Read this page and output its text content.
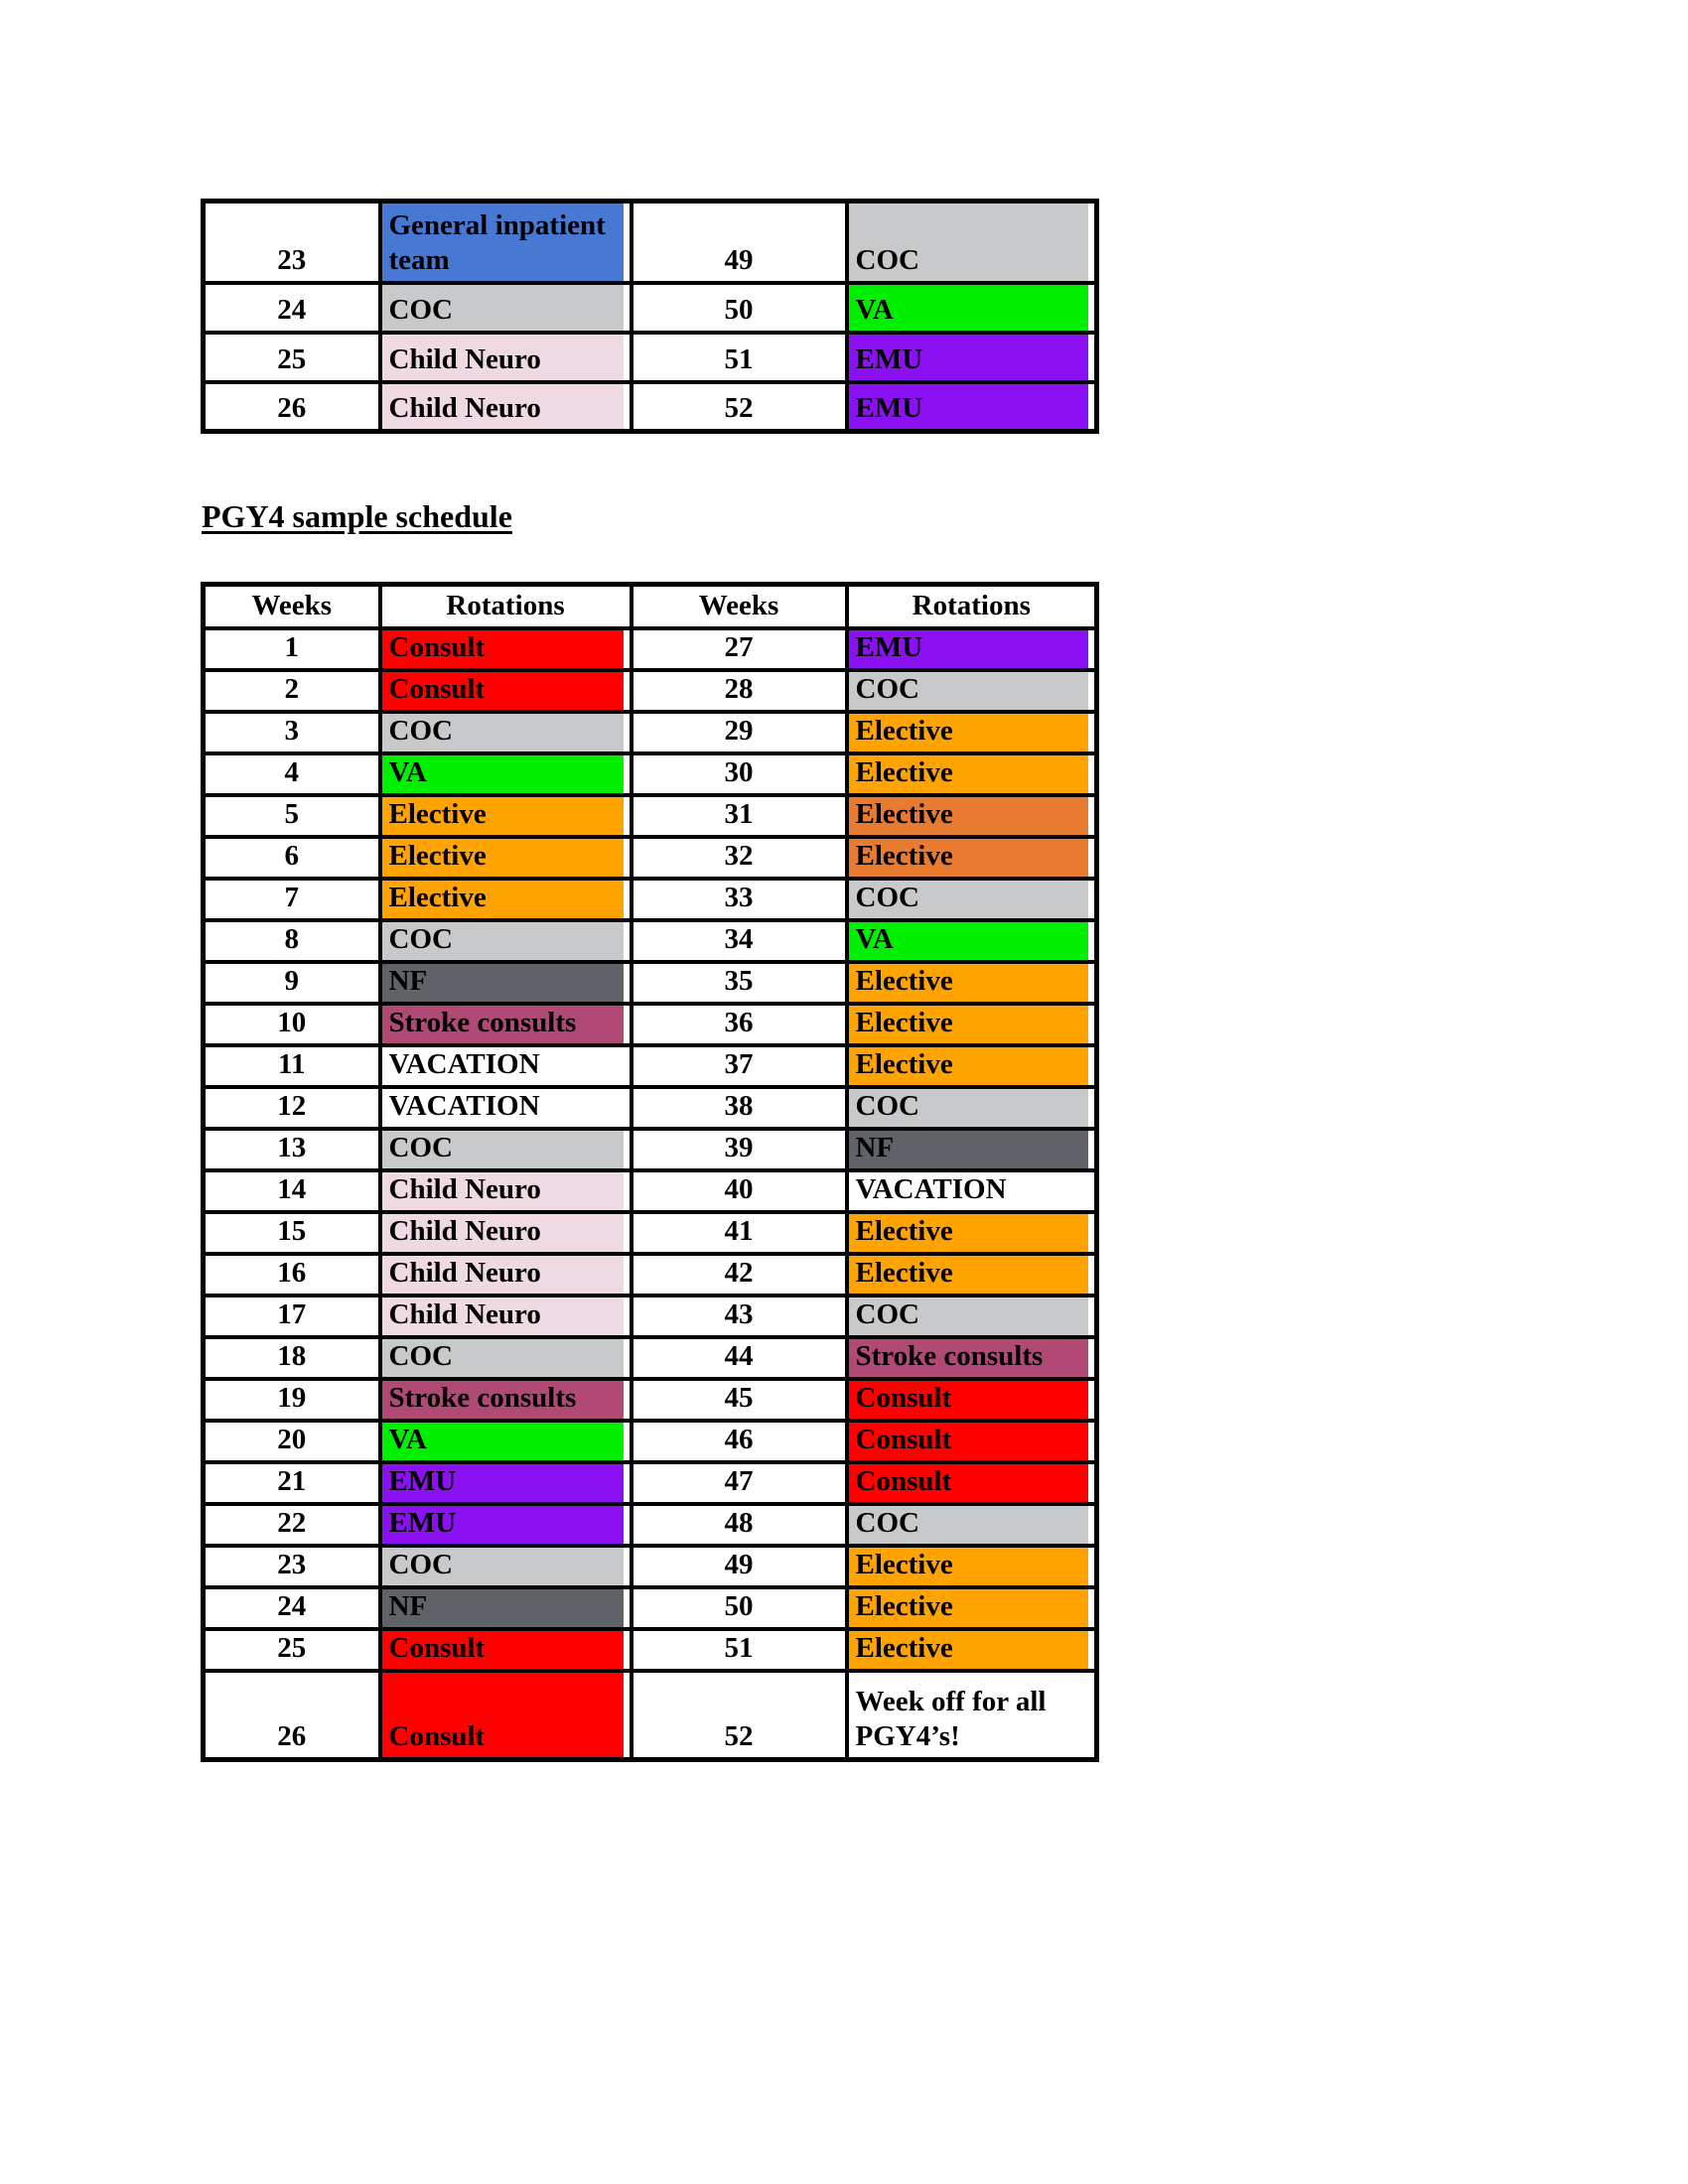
23	General inpatient team	49	COC
24	COC	50	VA
25	Child Neuro	51	EMU
26	Child Neuro	52	EMU
PGY4 sample schedule
Weeks	Rotations	Weeks	Rotations
1	Consult	27	EMU
2	Consult	28	COC
3	COC	29	Elective
4	VA	30	Elective
5	Elective	31	Elective
6	Elective	32	Elective
7	Elective	33	COC
8	COC	34	VA
9	NF	35	Elective
10	Stroke consults	36	Elective
11	VACATION	37	Elective
12	VACATION	38	COC
13	COC	39	NF
14	Child Neuro	40	VACATION
15	Child Neuro	41	Elective
16	Child Neuro	42	Elective
17	Child Neuro	43	COC
18	COC	44	Stroke consults
19	Stroke consults	45	Consult
20	VA	46	Consult
21	EMU	47	Consult
22	EMU	48	COC
23	COC	49	Elective
24	NF	50	Elective
25	Consult	51	Elective
26	Consult	52	Week off for all PGY4’s!
